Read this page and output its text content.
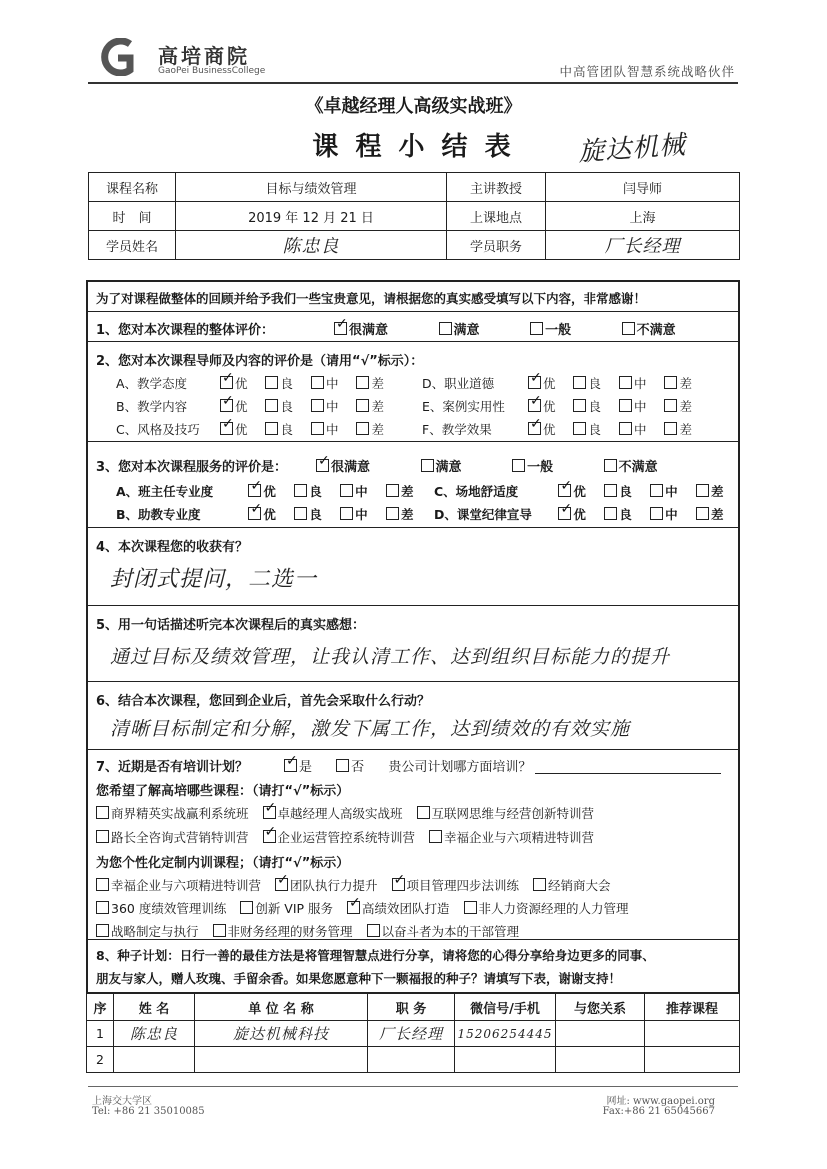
高培商院
GaoPei BusinessCollege	中高管团队智慧系统战略伙伴
《卓越经理人高级实战班》
课 程 小 结 表	旋达机械
课程名称	目标与绩效管理	主讲教授	闫导师
时　间	2019 年 12 月 21 日	上课地点	上海
学员姓名	陈忠良	学员职务	厂长经理
为了对课程做整体的回顾并给予我们一些宝贵意见，请根据您的真实感受填写以下内容，非常感谢！
1、您对本次课程的整体评价： ✓	很满意	满意	一般	不满意
2、您对本次课程导师及内容的评价是（请用“√”标示）：
A、教学态度 ✓	优	良	中	差
B、教学内容 ✓	优	良	中	差
C、风格及技巧 ✓	优	良	中	差
D、职业道德 ✓	优	良	中	差
E、案例实用性 ✓	优	良	中	差
F、教学效果 ✓	优	良	中	差
3、您对本次课程服务的评价是： ✓	很满意	满意	一般	不满意
A、班主任专业度 ✓	优	良	中	差
B、助教专业度 ✓	优	良	中	差
C、场地舒适度 ✓	优	良	中	差
D、课堂纪律宣导 ✓	优	良	中	差
4、本次课程您的收获有？
封闭式提问，二选一
5、用一句话描述听完本次课程后的真实感想：
通过目标及绩效管理，让我认清工作、达到组织目标能力的提升
6、结合本次课程，您回到企业后，首先会采取什么行动？
清晰目标制定和分解，激发下属工作，达到绩效的有效实施
7、近期是否有培训计划？ ✓	是	否 贵公司计划哪方面培训？
您希望了解高培哪些课程：（请打“√”标示）
商界精英实战赢利系统班 ✓ 卓越经理人高级实战班 互联网思维与经营创新特训营
路长全咨询式营销特训营 ✓ 企业运营管控系统特训营 幸福企业与六项精进特训营
为您个性化定制内训课程；（请打“√”标示）
幸福企业与六项精进特训营 ✓ 团队执行力提升 ✓ 项目管理四步法训练 经销商大会
360 度绩效管理训练 创新 VIP 服务 ✓ 高绩效团队打造 非人力资源经理的人力管理
战略制定与执行 非财务经理的财务管理 以奋斗者为本的干部管理
8、种子计划：日行一善的最佳方法是将管理智慧点进行分享，请将您的心得分享给身边更多的同事、
朋友与家人，赠人玫瑰、手留余香。如果您愿意种下一颗福报的种子？请填写下表，谢谢支持！
序	姓 名	单 位 名 称	职 务	微信号/手机	与您关系	推荐课程
1	陈忠良	旋达机械科技	厂长经理	15206254445		
2						
上海交大学区
Tel: +86 21 35010085
网址: www.gaopei.org
Fax:+86 21 65045667
